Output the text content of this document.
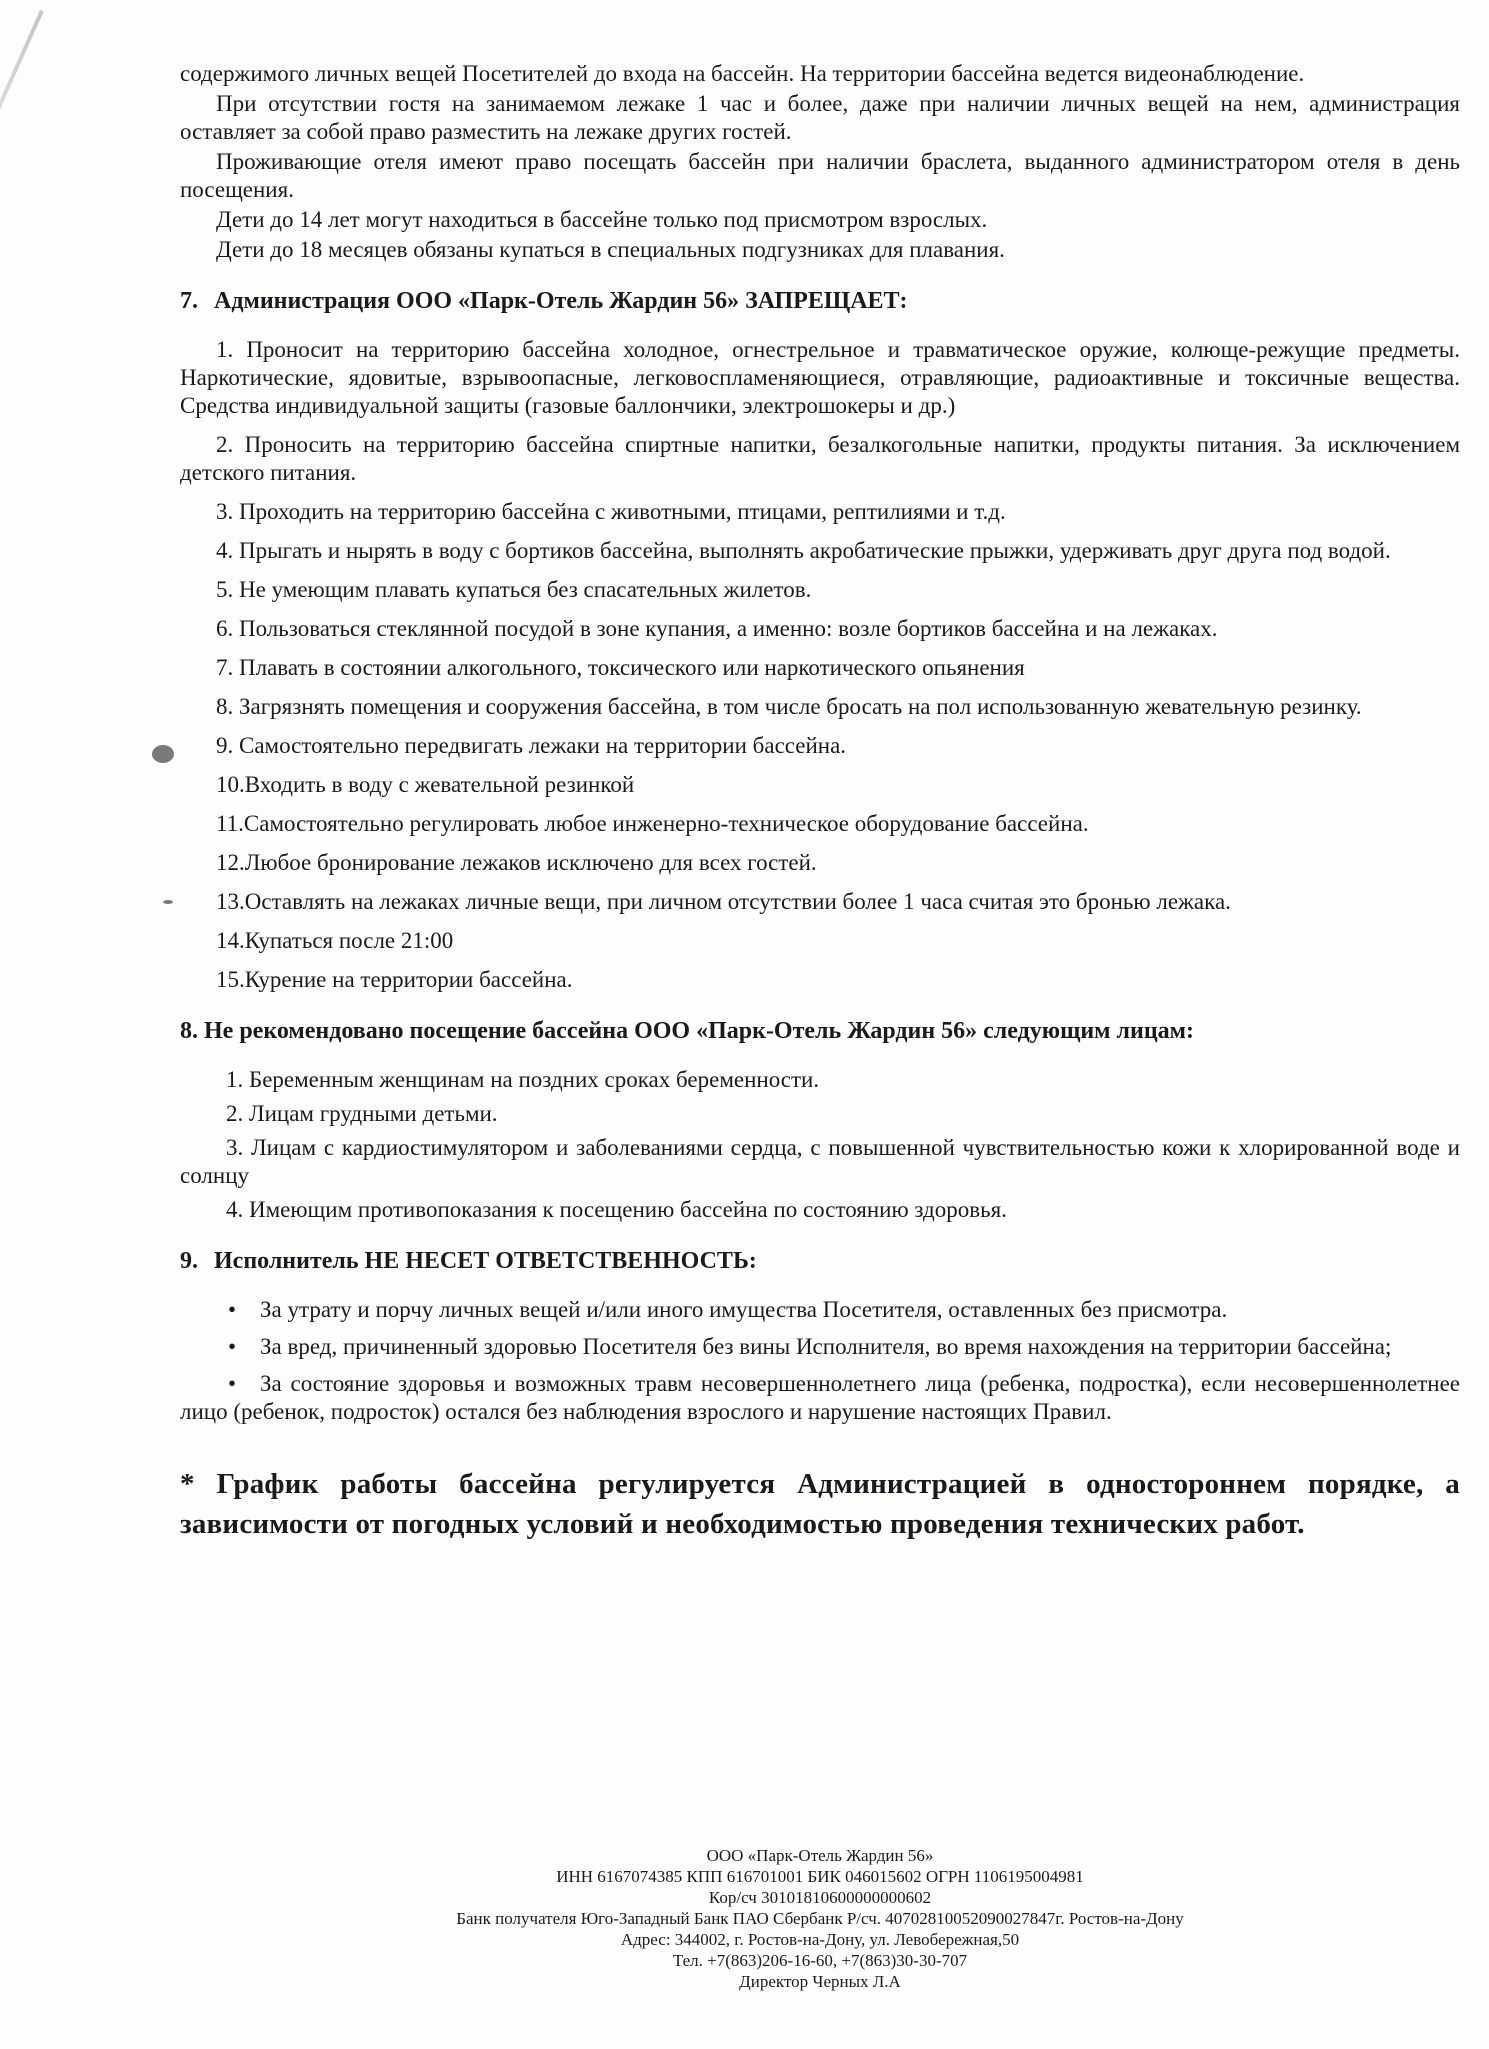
содержимого личных вещей Посетителей до входа на бассейн. На территории бассейна ведется видеонаблюдение.

При отсутствии гостя на занимаемом лежаке 1 час и более, даже при наличии личных вещей на нем, администрация оставляет за собой право разместить на лежаке других гостей.

Проживающие отеля имеют право посещать бассейн при наличии браслета, выданного администратором отеля в день посещения.

Дети до 14 лет могут находиться в бассейне только под присмотром взрослых.

Дети до 18 месяцев обязаны купаться в специальных подгузниках для плавания.

7. Администрация ООО «Парк-Отель Жардин 56» ЗАПРЕЩАЕТ:

1. Проносит на территорию бассейна холодное, огнестрельное и травматическое оружие, колюще-режущие предметы. Наркотические, ядовитые, взрывоопасные, легковоспламеняющиеся, отравляющие, радиоактивные и токсичные вещества. Средства индивидуальной защиты (газовые баллончики, электрошокеры и др.)

2. Проносить на территорию бассейна спиртные напитки, безалкогольные напитки, продукты питания. За исключением детского питания.

3. Проходить на территорию бассейна с животными, птицами, рептилиями и т.д.

4. Прыгать и нырять в воду с бортиков бассейна, выполнять акробатические прыжки, удерживать друг друга под водой.

5. Не умеющим плавать купаться без спасательных жилетов.

6. Пользоваться стеклянной посудой в зоне купания, а именно: возле бортиков бассейна и на лежаках.

7. Плавать в состоянии алкогольного, токсического или наркотического опьянения

8. Загрязнять помещения и сооружения бассейна, в том числе бросать на пол использованную жевательную резинку.

9. Самостоятельно передвигать лежаки на территории бассейна.

10.Входить в воду с жевательной резинкой

11.Самостоятельно регулировать любое инженерно-техническое оборудование бассейна.

12.Любое бронирование лежаков исключено для всех гостей.

13.Оставлять на лежаках личные вещи, при личном отсутствии более 1 часа считая это бронью лежака.

14.Купаться после 21:00

15.Курение на территории бассейна.

8. Не рекомендовано посещение бассейна ООО «Парк-Отель Жардин 56» следующим лицам:

1. Беременным женщинам на поздних сроках беременности.

2. Лицам грудными детьми.

3. Лицам с кардиостимулятором и заболеваниями сердца, с повышенной чувствительностью кожи к хлорированной воде и солнцу

4. Имеющим противопоказания к посещению бассейна по состоянию здоровья.

9. Исполнитель НЕ НЕСЕТ ОТВЕТСТВЕННОСТЬ:

• За утрату и порчу личных вещей и/или иного имущества Посетителя, оставленных без присмотра.

• За вред, причиненный здоровью Посетителя без вины Исполнителя, во время нахождения на территории бассейна;

• За состояние здоровья и возможных травм несовершеннолетнего лица (ребенка, подростка), если несовершеннолетнее лицо (ребенок, подросток) остался без наблюдения взрослого и нарушение настоящих Правил.

* График работы бассейна регулируется Администрацией в одностороннем порядке, а зависимости от погодных условий и необходимостью проведения технических работ.

ООО «Парк-Отель Жардин 56»
ИНН 6167074385 КПП 616701001 БИК 046015602 ОГРН 1106195004981
Кор/сч 30101810600000000602
Банк получателя Юго-Западный Банк ПАО Сбербанк Р/сч. 40702810052090027847г. Ростов-на-Дону
Адрес: 344002, г. Ростов-на-Дону, ул. Левобережная,50
Тел. +7(863)206-16-60, +7(863)30-30-707
Директор Черных Л.А
